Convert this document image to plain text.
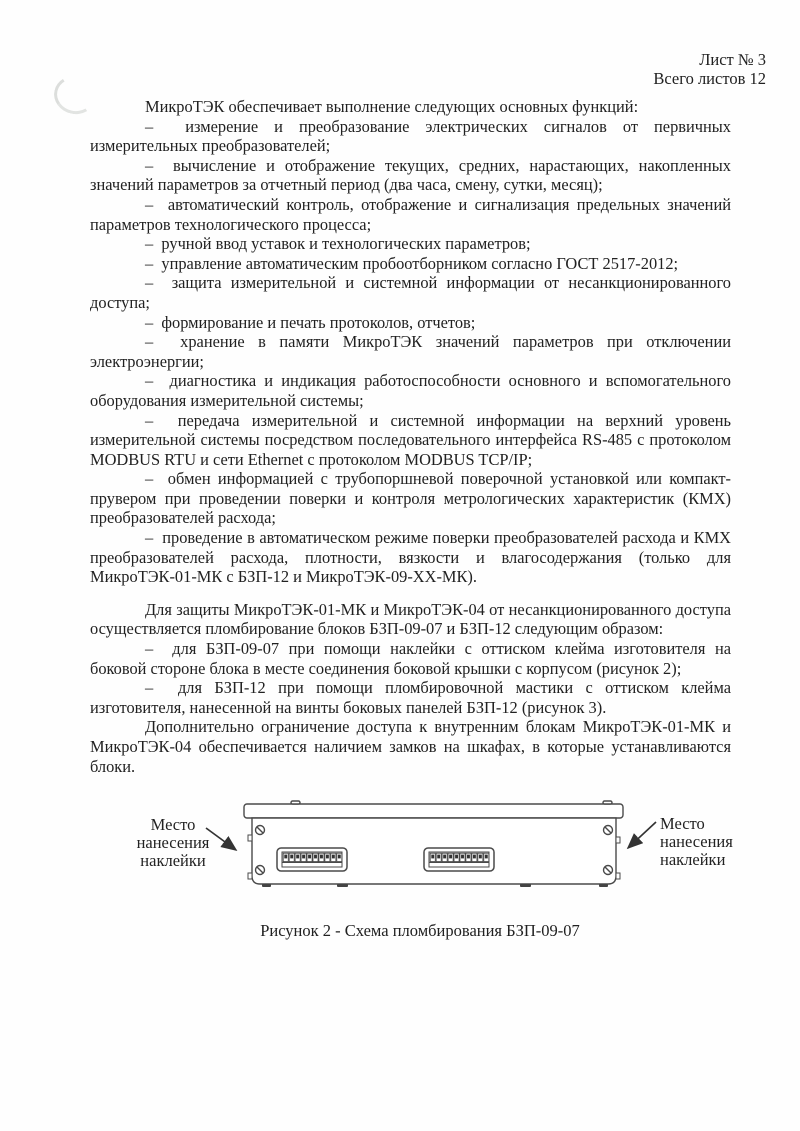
Лист № 3
Всего листов 12

МикроТЭК обеспечивает выполнение следующих основных функций:

–  измерение и преобразование электрических сигналов от первичных измерительных преобразователей;

–  вычисление и отображение текущих, средних, нарастающих, накопленных значений параметров за отчетный период (два часа, смену, сутки, месяц);

–  автоматический контроль, отображение и сигнализация предельных значений параметров технологического процесса;

–  ручной ввод уставок и технологических параметров;

–  управление автоматическим пробоотборником согласно ГОСТ 2517-2012;

–  защита измерительной и системной информации от несанкционированного доступа;

–  формирование и печать протоколов, отчетов;

–  хранение в памяти МикроТЭК значений параметров при отключении электроэнергии;

–  диагностика и индикация работоспособности основного и вспомогательного оборудования измерительной системы;

–  передача измерительной и системной информации на верхний уровень измерительной системы посредством последовательного интерфейса RS-485 с протоколом MODBUS RTU и сети Ethernet с протоколом MODBUS TCP/IP;

–  обмен информацией с трубопоршневой поверочной установкой или компакт-прувером при проведении поверки и контроля метрологических характеристик (КМХ) преобразователей расхода;

–  проведение в автоматическом режиме поверки преобразователей расхода и КМХ преобразователей расхода, плотности, вязкости и влагосодержания (только для МикроТЭК-01-МК с БЗП-12 и МикроТЭК-09-ХХ-МК).

Для защиты МикроТЭК-01-МК и МикроТЭК-04 от несанкционированного доступа осуществляется пломбирование блоков БЗП-09-07 и БЗП-12 следующим образом:

–  для БЗП-09-07 при помощи наклейки с оттиском клейма изготовителя на боковой стороне блока в месте соединения боковой крышки с корпусом (рисунок 2);

–  для БЗП-12 при помощи пломбировочной мастики с оттиском клейма изготовителя, нанесенной на винты боковых панелей БЗП-12 (рисунок 3).

Дополнительно ограничение доступа к внутренним блокам МикроТЭК-01-МК и МикроТЭК-04 обеспечивается наличием замков на шкафах, в которые устанавливаются блоки.

Место
нанесения
наклейки
Место
нанесения
наклейки
Рисунок 2 - Схема пломбирования БЗП-09-07
